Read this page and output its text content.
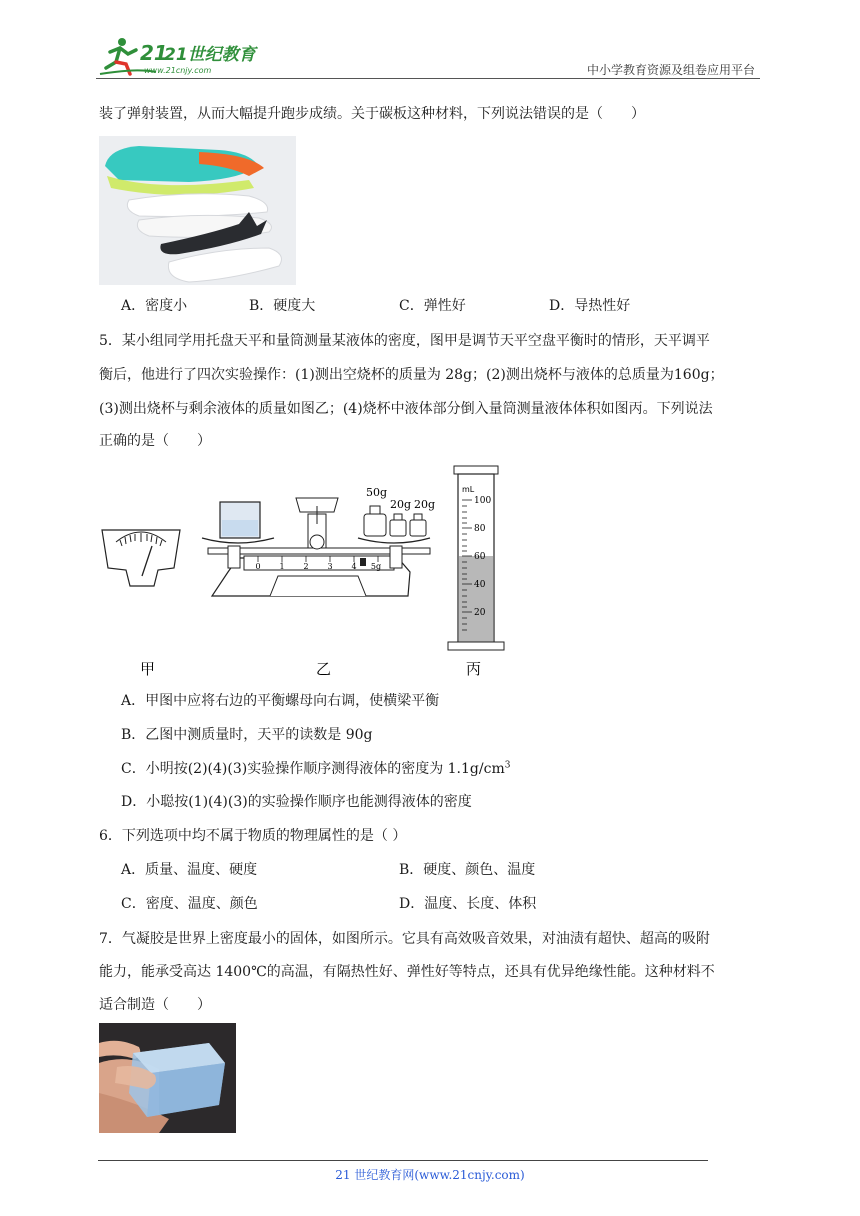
21
21世纪教育
www.21cnjy.com	中小学教育资源及组卷应用平台
装了弹射装置，从而大幅提升跑步成绩。关于碳板这种材料，下列说法错误的是（　　）
A．密度小	B．硬度大	C．弹性好	D．导热性好
5．某小组同学用托盘天平和量筒测量某液体的密度，图甲是调节天平空盘平衡时的情形，天平调平
衡后，他进行了四次实验操作：(1)测出空烧杯的质量为 28g；(2)测出烧杯与液体的总质量为160g；
(3)测出烧杯与剩余液体的质量如图乙；(4)烧杯中液体部分倒入量筒测量液体体积如图丙。下列说法
正确的是（　　）
0 1 2 3 4 5g
50g
20g 20g
mL
100
80
60
40
20
甲	乙	丙
A．甲图中应将右边的平衡螺母向右调，使横梁平衡
B．乙图中测质量时，天平的读数是 90g
C．小明按(2)(4)(3)实验操作顺序测得液体的密度为 $1.1g/cm^3$
D．小聪按(1)(4)(3)的实验操作顺序也能测得液体的密度
6．下列选项中均不属于物质的物理属性的是（ ）
A．质量、温度、硬度	B．硬度、颜色、温度
C．密度、温度、颜色	D．温度、长度、体积
7．气凝胶是世界上密度最小的固体，如图所示。它具有高效吸音效果，对油渍有超快、超高的吸附
能力，能承受高达 1400℃的高温，有隔热性好、弹性好等特点，还具有优异绝缘性能。这种材料不
适合制造（　　）
21 世纪教育网(www.21cnjy.com)
